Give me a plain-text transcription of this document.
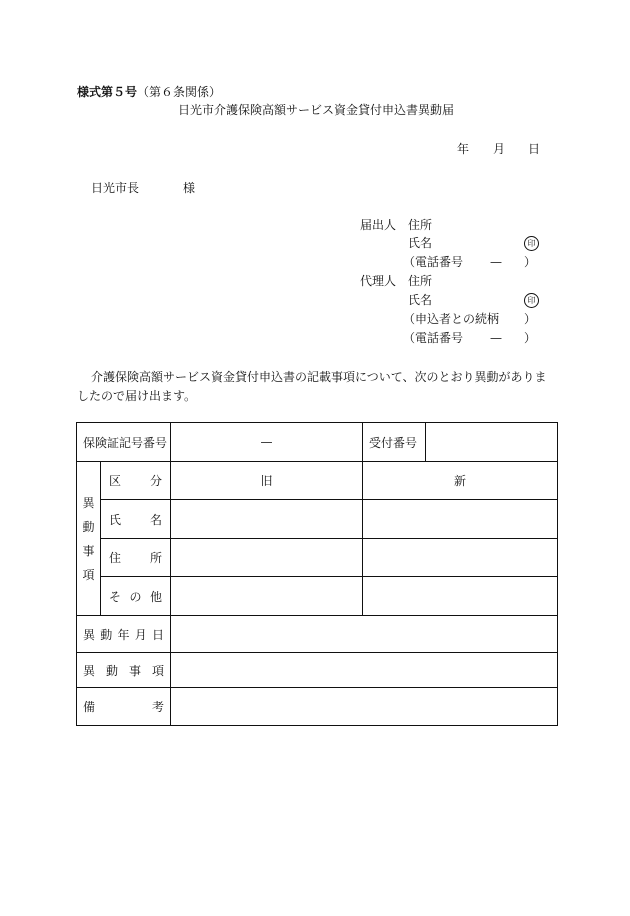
様式第５号（第６条関係）
日光市介護保険高額サービス資金貸付申込書異動届
年 月 日
日光市長	様
届出人 住所
氏名	印
（電話番号 — ）
代理人 住所
氏名	印
（申込者との続柄 ）
（電話番号 — ）
介護保険高額サービス資金貸付申込書の記載事項について、次のとおり異動がありま
したので届け出ます。
保険証記号番号		—	受付番号	

異
動
事
項	区 分	旧	新	

	氏 名			

	住 所			

	そ の 他			

異 動 年 月 日				

異 動 事 項				

備 考				
